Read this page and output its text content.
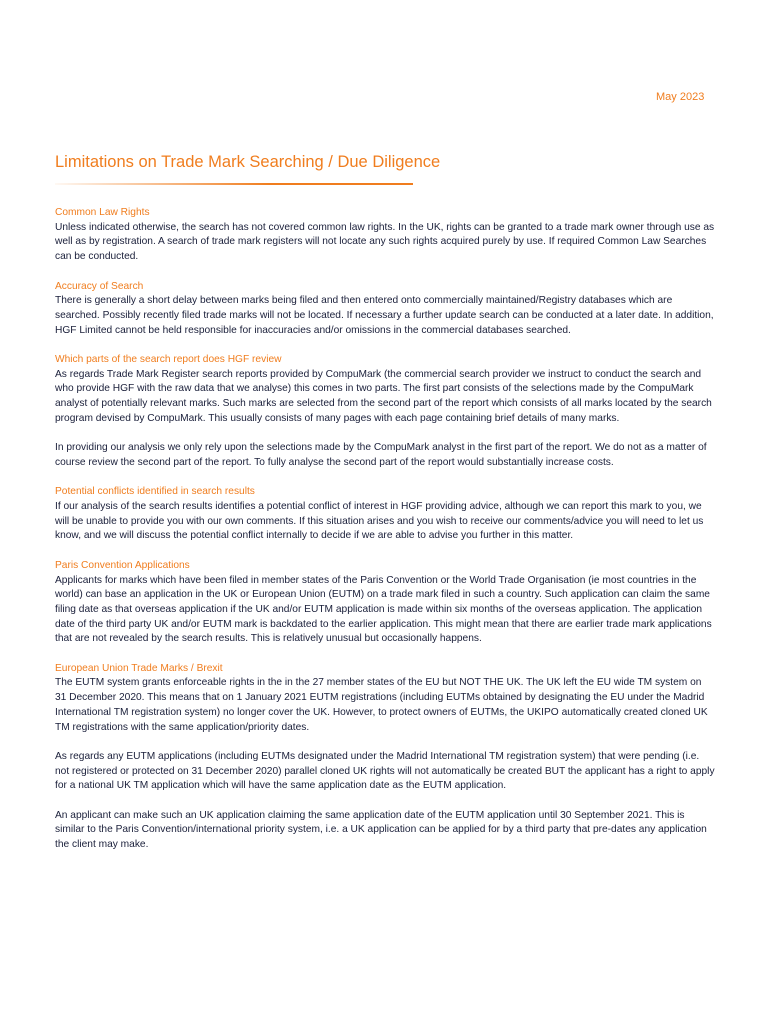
May 2023
Limitations on Trade Mark Searching / Due Diligence

Common Law Rights

Unless indicated otherwise, the search has not covered common law rights. In the UK, rights can be granted to a trade mark owner through use as well as by registration. A search of trade mark registers will not locate any such rights acquired purely by use. If required Common Law Searches can be conducted.

Accuracy of Search

There is generally a short delay between marks being filed and then entered onto commercially maintained/Registry databases which are searched. Possibly recently filed trade marks will not be located. If necessary a further update search can be conducted at a later date. In addition, HGF Limited cannot be held responsible for inaccuracies and/or omissions in the commercial databases searched.

Which parts of the search report does HGF review

As regards Trade Mark Register search reports provided by CompuMark (the commercial search provider we instruct to conduct the search and who provide HGF with the raw data that we analyse) this comes in two parts. The first part consists of the selections made by the CompuMark analyst of potentially relevant marks. Such marks are selected from the second part of the report which consists of all marks located by the search program devised by CompuMark. This usually consists of many pages with each page containing brief details of many marks.

In providing our analysis we only rely upon the selections made by the CompuMark analyst in the first part of the report. We do not as a matter of course review the second part of the report. To fully analyse the second part of the report would substantially increase costs.

Potential conflicts identified in search results

If our analysis of the search results identifies a potential conflict of interest in HGF providing advice, although we can report this mark to you, we will be unable to provide you with our own comments. If this situation arises and you wish to receive our comments/advice you will need to let us know, and we will discuss the potential conflict internally to decide if we are able to advise you further in this matter.

Paris Convention Applications

Applicants for marks which have been filed in member states of the Paris Convention or the World Trade Organisation (ie most countries in the world) can base an application in the UK or European Union (EUTM) on a trade mark filed in such a country. Such application can claim the same filing date as that overseas application if the UK and/or EUTM application is made within six months of the overseas application. The application date of the third party UK and/or EUTM mark is backdated to the earlier application. This might mean that there are earlier trade mark applications that are not revealed by the search results. This is relatively unusual but occasionally happens.

European Union Trade Marks / Brexit

The EUTM system grants enforceable rights in the in the 27 member states of the EU but NOT THE UK. The UK left the EU wide TM system on 31 December 2020. This means that on 1 January 2021 EUTM registrations (including EUTMs obtained by designating the EU under the Madrid International TM registration system) no longer cover the UK. However, to protect owners of EUTMs, the UKIPO automatically created cloned UK TM registrations with the same application/priority dates.

As regards any EUTM applications (including EUTMs designated under the Madrid International TM registration system) that were pending (i.e. not registered or protected on 31 December 2020) parallel cloned UK rights will not automatically be created BUT the applicant has a right to apply for a national UK TM application which will have the same application date as the EUTM application.

An applicant can make such an UK application claiming the same application date of the EUTM application until 30 September 2021. This is similar to the Paris Convention/international priority system, i.e. a UK application can be applied for by a third party that pre-dates any application the client may make.
